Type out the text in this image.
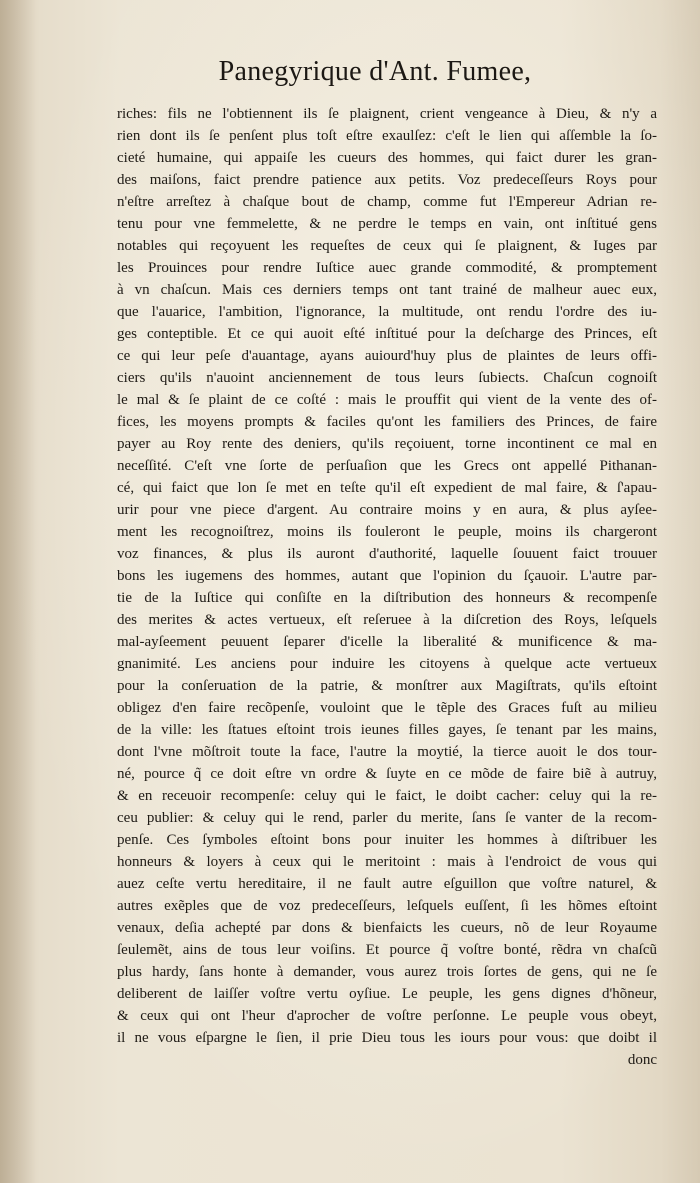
Panegyrique d'Ant. Fumee,
riches: fils ne l'obtiennent ils ſe plaignent, crient vengeance à Dieu, & n'y a
rien dont ils ſe penſent plus toſt eſtre exaulſez: c'eſt le lien qui aſſemble la ſo-
cieté humaine, qui appaiſe les cueurs des hommes, qui faict durer les gran-
des maiſons, faict prendre patience aux petits. Voz predeceſſeurs Roys pour
n'eſtre arreſtez à chaſque bout de champ, comme fut l'Empereur Adrian re-
tenu pour vne femmelette, & ne perdre le temps en vain, ont inſtitué gens
notables qui reçoyuent les requeſtes de ceux qui ſe plaignent, & Iuges par
les Prouinces pour rendre Iuſtice auec grande commodité, & promptement
à vn chaſcun. Mais ces derniers temps ont tant trainé de malheur auec eux,
que l'auarice, l'ambition, l'ignorance, la multitude, ont rendu l'ordre des iu-
ges conteptible. Et ce qui auoit eſté inſtitué pour la deſcharge des Princes, eſt
ce qui leur peſe d'auantage, ayans auiourd'huy plus de plaintes de leurs offi-
ciers qu'ils n'auoint anciennement de tous leurs ſubiects. Chaſcun cognoiſt
le mal & ſe plaint de ce coſté : mais le prouffit qui vient de la vente des of-
fices, les moyens prompts & faciles qu'ont les familiers des Princes, de faire
payer au Roy rente des deniers, qu'ils reçoiuent, torne incontinent ce mal en
neceſſité. C'eſt vne ſorte de perſuaſion que les Grecs ont appellé Pithanan-
cé, qui faict que lon ſe met en teſte qu'il eſt expedient de mal faire, & ſ'apau-
urir pour vne piece d'argent. Au contraire moins y en aura, & plus ayſee-
ment les recognoiſtrez, moins ils fouleront le peuple, moins ils chargeront
voz finances, & plus ils auront d'authorité, laquelle ſouuent faict trouuer
bons les iugemens des hommes, autant que l'opinion du ſçauoir. L'autre par-
tie de la Iuſtice qui conſiſte en la diſtribution des honneurs & recompenſe
des merites & actes vertueux, eſt reſeruee à la diſcretion des Roys, leſquels
mal-ayſeement peuuent ſeparer d'icelle la liberalité & munificence & ma-
gnanimité. Les anciens pour induire les citoyens à quelque acte vertueux
pour la conſeruation de la patrie, & monſtrer aux Magiſtrats, qu'ils eſtoint
obligez d'en faire recõpenſe, vouloint que le tẽple des Graces fuſt au milieu
de la ville: les ſtatues eſtoint trois ieunes filles gayes, ſe tenant par les mains,
dont l'vne mõſtroit toute la face, l'autre la moytié, la tierce auoit le dos tour-
né, pource q̃ ce doit eſtre vn ordre & ſuyte en ce mõde de faire biẽ à autruy,
& en receuoir recompenſe: celuy qui le faict, le doibt cacher: celuy qui la re-
ceu publier: & celuy qui le rend, parler du merite, ſans ſe vanter de la recom-
penſe. Ces ſymboles eſtoint bons pour inuiter les hommes à diſtribuer les
honneurs & loyers à ceux qui le meritoint : mais à l'endroict de vous qui
auez ceſte vertu hereditaire, il ne fault autre eſguillon que voſtre naturel, &
autres exẽples que de voz predeceſſeurs, leſquels euſſent, ſi les hõmes eſtoint
venaux, deſia achepté par dons & bienfaicts les cueurs, nõ de leur Royaume
ſeulemẽt, ains de tous leur voiſins. Et pource q̃ voſtre bonté, rẽdra vn chaſcũ
plus hardy, ſans honte à demander, vous aurez trois ſortes de gens, qui ne ſe
deliberent de laiſſer voſtre vertu oyſiue. Le peuple, les gens dignes d'hõneur,
& ceux qui ont l'heur d'aprocher de voſtre perſonne. Le peuple vous obeyt,
il ne vous eſpargne le ſien, il prie Dieu tous les iours pour vous: que doibt il
donc
